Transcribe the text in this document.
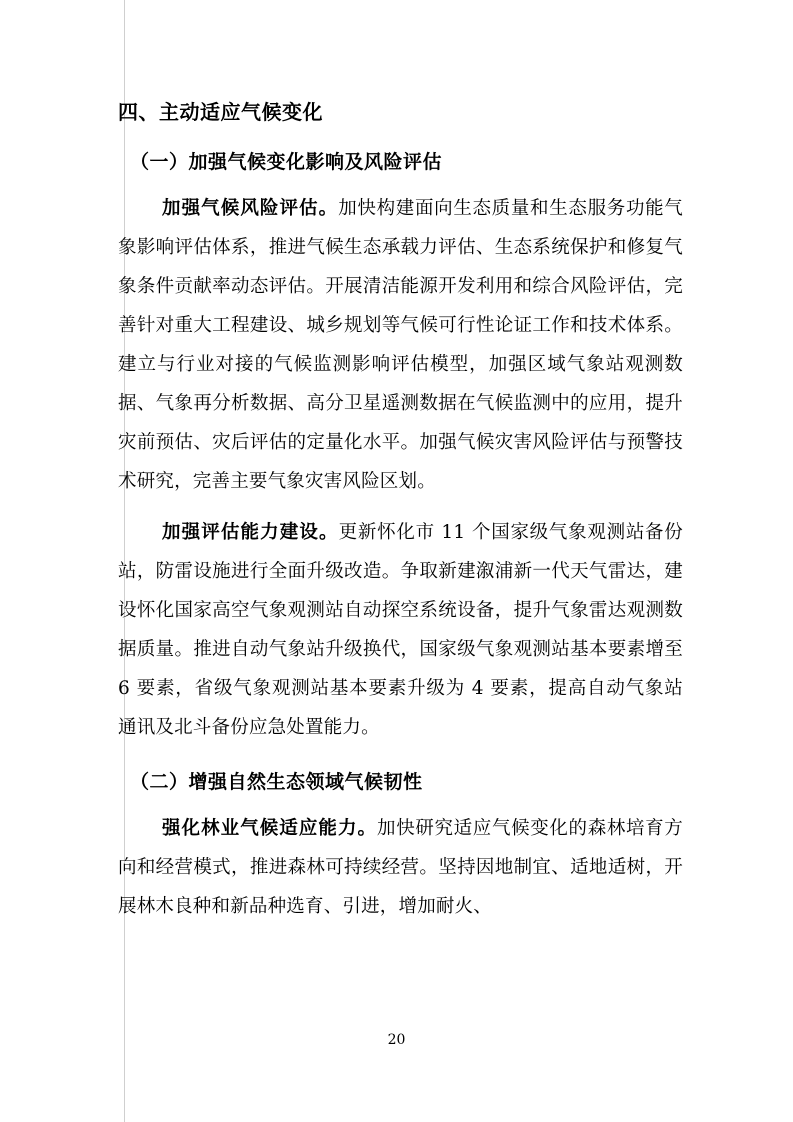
四、主动适应气候变化
（一）加强气候变化影响及风险评估

加强气候风险评估。加快构建面向生态质量和生态服务功能气象影响评估体系，推进气候生态承载力评估、生态系统保护和修复气象条件贡献率动态评估。开展清洁能源开发利用和综合风险评估，完善针对重大工程建设、城乡规划等气候可行性论证工作和技术体系。建立与行业对接的气候监测影响评估模型，加强区域气象站观测数据、气象再分析数据、高分卫星遥测数据在气候监测中的应用，提升灾前预估、灾后评估的定量化水平。加强气候灾害风险评估与预警技术研究，完善主要气象灾害风险区划。

加强评估能力建设。更新怀化市 11 个国家级气象观测站备份站，防雷设施进行全面升级改造。争取新建溆浦新一代天气雷达，建设怀化国家高空气象观测站自动探空系统设备，提升气象雷达观测数据质量。推进自动气象站升级换代，国家级气象观测站基本要素增至 6 要素，省级气象观测站基本要素升级为 4 要素，提高自动气象站通讯及北斗备份应急处置能力。

（二）增强自然生态领域气候韧性

强化林业气候适应能力。加快研究适应气候变化的森林培育方向和经营模式，推进森林可持续经营。坚持因地制宜、适地适树，开展林木良种和新品种选育、引进，增加耐火、

20
